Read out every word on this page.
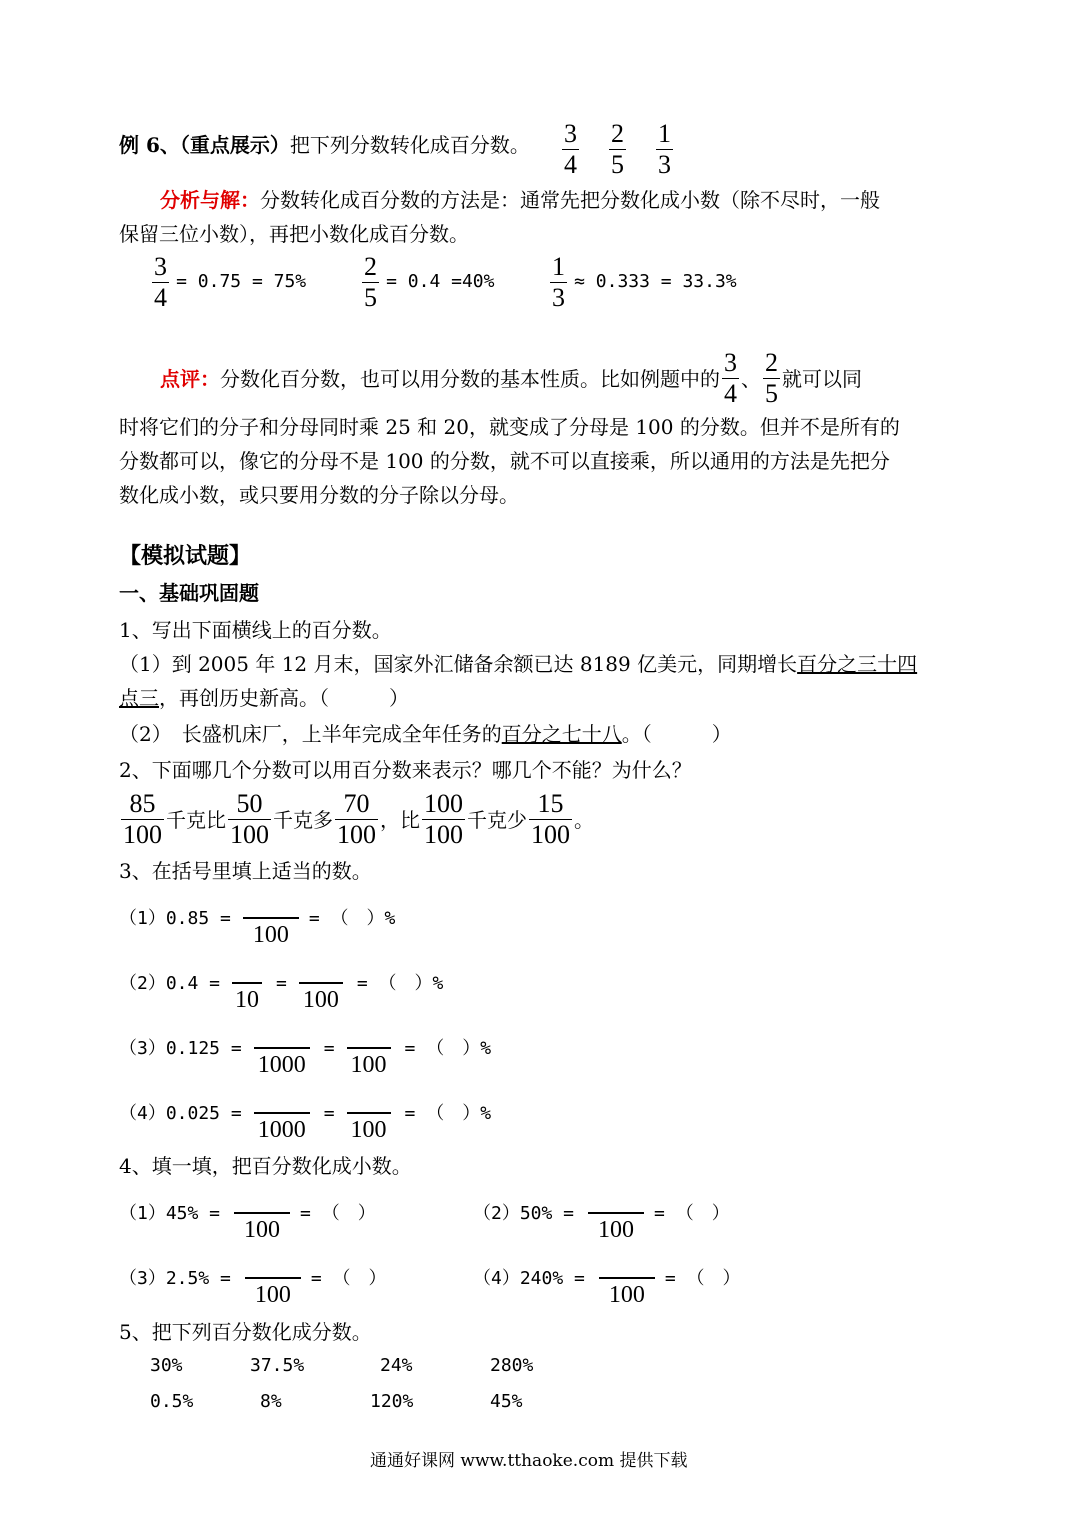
例 6、（重点展示）把下列分数转化成百分数。 $\frac{3}{4} \frac{2}{5} \frac{1}{3}$
分析与解：分数转化成百分数的方法是：通常先把分数化成小数（除不尽时，一般
保留三位小数），再把小数化成百分数。
$\frac{3}{4} = 0.75 = 75\% \frac{2}{5} = 0.4 =40\% \frac{1}{3} \approx 0.333 = 33.3\%$
点评： 分数化百分数，也可以用分数的基本性质。比如例题中的 $\frac{3}{4}$ 、 $\frac{2}{5}$ 就可以同
时将它们的分子和分母同时乘 25 和 20，就变成了分母是 100 的分数。但并不是所有的
分数都可以，像它的分母不是 100 的分数，就不可以直接乘，所以通用的方法是先把分
数化成小数，或只要用分数的分子除以分母。
【模拟试题】
一、基础巩固题
1、写出下面横线上的百分数。
（1）到 2005 年 12 月末，国家外汇储备余额已达 8189 亿美元，同期增长百分之三十四
点三，再创历史新高。（　　　）
（2）　长盛机床厂，上半年完成全年任务的百分之七十八。（　　　）
2、下面哪几个分数可以用百分数来表示？哪几个不能？为什么？
$\frac{85}{100}$ 千克比 $\frac{50}{100}$ 千克多 $\frac{70}{100}$ ，比 $\frac{100}{100}$ 千克少 $\frac{15}{100}$ 。
3、在括号里填上适当的数。
（1）0.85 =
100
= （　）%
（2）0.4 =
10
=
100
= （　）%
（3）0.125 =
1000
=
100
= （　）%
（4）0.025 =
1000
=
100
= （　）%
4、填一填，把百分数化成小数。
（1）45% =
100
= （　）	（2）50% =
100
= （　）
（3）2.5% =
100
= （　）	（4）240% =
100
= （　）
5、把下列百分数化成分数。
30%	37.5%	24%	280%
0.5%	8%	120%	45%
通通好课网 www.tthaoke.com 提供下载
